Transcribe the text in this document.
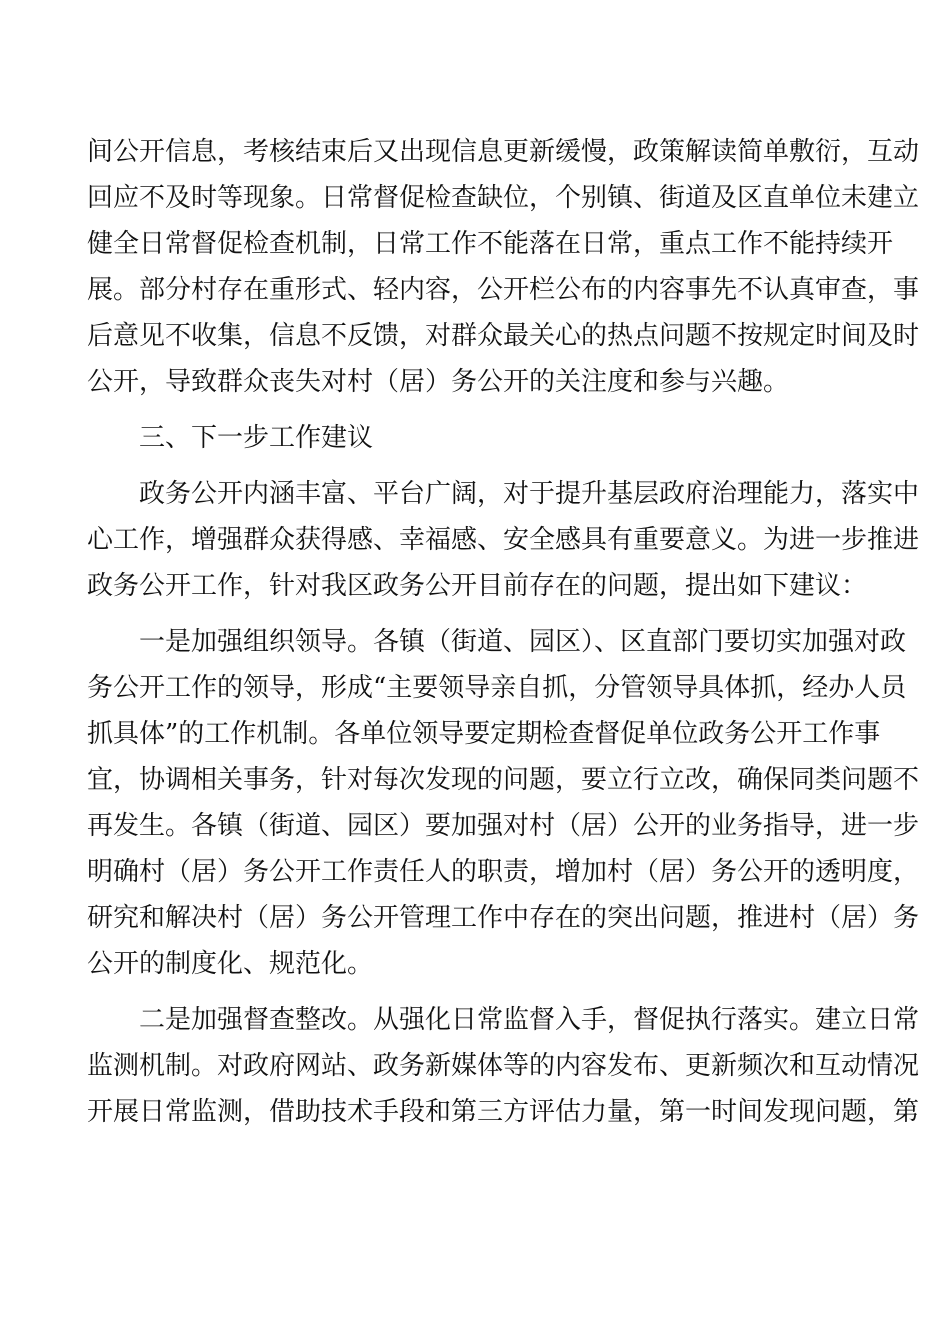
间公开信息，考核结束后又出现信息更新缓慢，政策解读简单敷衍，互动
回应不及时等现象。日常督促检查缺位，个别镇、街道及区直单位未建立
健全日常督促检查机制，日常工作不能落在日常，重点工作不能持续开
展。部分村存在重形式、轻内容，公开栏公布的内容事先不认真审查，事
后意见不收集，信息不反馈，对群众最关心的热点问题不按规定时间及时
公开，导致群众丧失对村（居）务公开的关注度和参与兴趣。
三、下一步工作建议
政务公开内涵丰富、平台广阔，对于提升基层政府治理能力，落实中
心工作，增强群众获得感、幸福感、安全感具有重要意义。为进一步推进
政务公开工作，针对我区政务公开目前存在的问题，提出如下建议：
一是加强组织领导。各镇（街道、园区）、区直部门要切实加强对政
务公开工作的领导，形成“主要领导亲自抓，分管领导具体抓，经办人员
抓具体”的工作机制。各单位领导要定期检查督促单位政务公开工作事
宜，协调相关事务，针对每次发现的问题，要立行立改，确保同类问题不
再发生。各镇（街道、园区）要加强对村（居）公开的业务指导，进一步
明确村（居）务公开工作责任人的职责，增加村（居）务公开的透明度，
研究和解决村（居）务公开管理工作中存在的突出问题，推进村（居）务
公开的制度化、规范化。
二是加强督查整改。从强化日常监督入手，督促执行落实。建立日常
监测机制。对政府网站、政务新媒体等的内容发布、更新频次和互动情况
开展日常监测，借助技术手段和第三方评估力量，第一时间发现问题，第
